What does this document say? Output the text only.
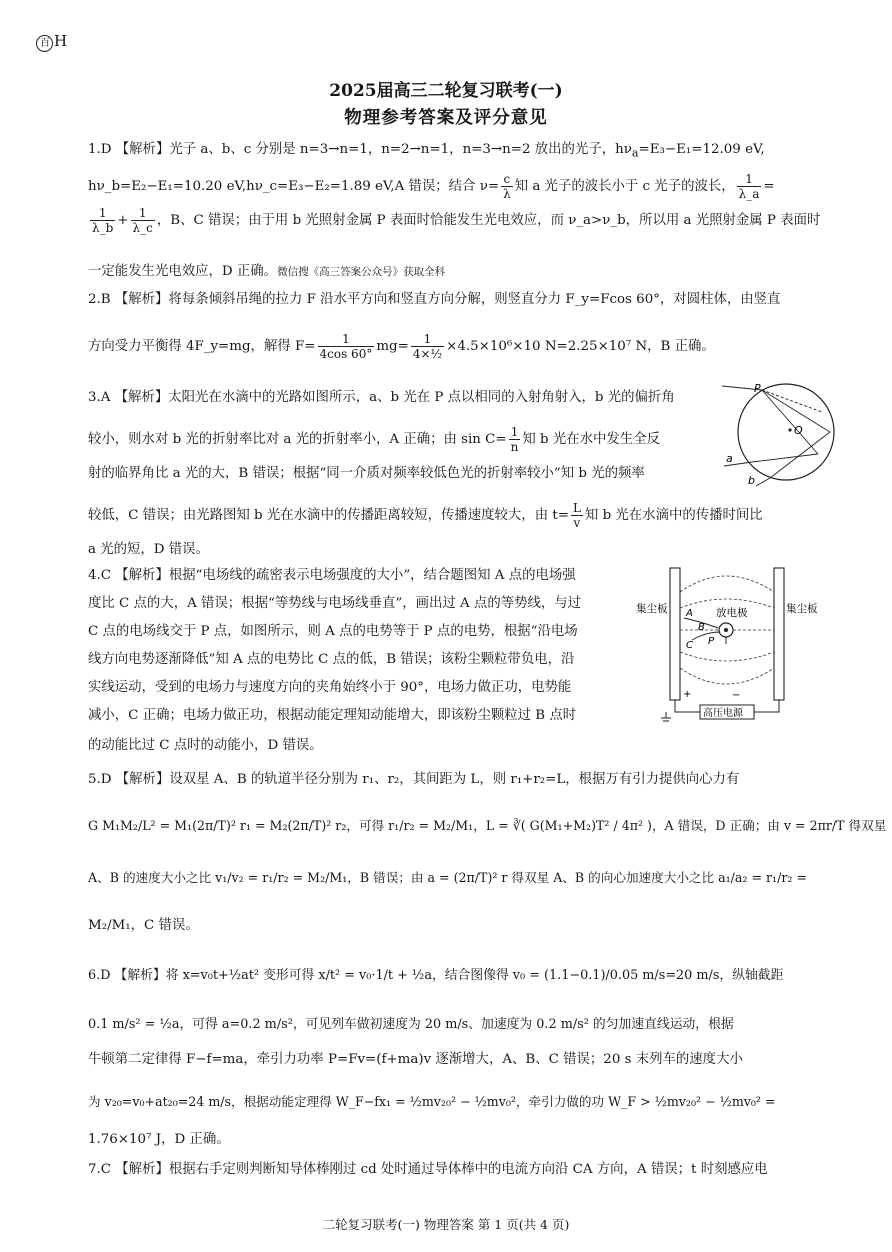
百 H
2025届高三二轮复习联考(一)
物理参考答案及评分意见
1.D 【解析】光子 a、b、c 分别是 n=3→n=1，n=2→n=1，n=3→n=2 放出的光子，$h\nu_a=E_3-E_1=12.09$ eV,
hν_b=E₂−E₁=10.20 eV,hν_c=E₃−E₂=1.89 eV,A 错误；结合 $\nu= \frac{c}{\lambda}$ 知 a 光子的波长小于 c 光子的波长， $\frac{1}{\lambda\_a}$ =
$\frac{1}{\lambda\_b} + \frac{1}{\lambda\_c}$ ，B、C 错误；由于用 b 光照射金属 P 表面时恰能发生光电效应，而 ν_a>ν_b，所以用 a 光照射金属 P 表面时
一定能发生光电效应，D 正确。微信搜《高三答案公众号》获取全科
2.B 【解析】将每条倾斜吊绳的拉力 F 沿水平方向和竖直方向分解，则竖直分力 F_y=Fcos 60°，对圆柱体，由竖直
方向受力平衡得 4F_y=mg，解得 $F= \frac{1}{4\cos 60^\circ} mg= \frac{1}{\text{4×½}} \times 4.5\times 10^6\times 10$ N=2.25×10⁷ N，B 正确。
3.A 【解析】太阳光在水滴中的光路如图所示，a、b 光在 P 点以相同的入射角射入，b 光的偏折角
较小，则水对 b 光的折射率比对 a 光的折射率小，A 正确；由 $\sin C= \frac{1}{n}$ 知 b 光在水中发生全反
射的临界角比 a 光的大，B 错误；根据“同一介质对频率较低色光的折射率较小”知 b 光的频率
较低，C 错误；由光路图知 b 光在水滴中的传播距离较短，传播速度较大，由 $t= \frac{L}{v}$ 知 b 光在水滴中的传播时间比
a 光的短，D 错误。
P
O
a
b
4.C 【解析】根据“电场线的疏密表示电场强度的大小”，结合题图知 A 点的电场强
度比 C 点的大，A 错误；根据“等势线与电场线垂直”，画出过 A 点的等势线，与过
C 点的电场线交于 P 点，如图所示，则 A 点的电势等于 P 点的电势，根据“沿电场
线方向电势逐渐降低”知 A 点的电势比 C 点的低，B 错误；该粉尘颗粒带负电，沿
实线运动，受到的电场力与速度方向的夹角始终小于 90°，电场力做正功，电势能
减小，C 正确；电场力做正功，根据动能定理知动能增大，即该粉尘颗粒过 B 点时
的动能比过 C 点时的动能小，D 错误。
A
B
C P
集尘板	集尘板
放电极
高压电源
+	−
5.D 【解析】设双星 A、B 的轨道半径分别为 r₁、r₂，其间距为 L，则 r₁+r₂=L，根据万有引力提供向心力有
G M₁M₂/L² = M₁(2π/T)² r₁ = M₂(2π/T)² r₂，可得 r₁/r₂ = M₂/M₁，L = ∛( G(M₁+M₂)T² / 4π² )，A 错误，D 正确；由 v = 2πr/T 得双星
A、B 的速度大小之比 v₁/v₂ = r₁/r₂ = M₂/M₁，B 错误；由 a = (2π/T)² r 得双星 A、B 的向心加速度大小之比 a₁/a₂ = r₁/r₂ =
M₂/M₁，C 错误。
6.D 【解析】将 x=v₀t+½at² 变形可得 x/t² = v₀·1/t + ½a，结合图像得 v₀ = (1.1−0.1)/0.05 m/s=20 m/s，纵轴截距
0.1 m/s² = ½a，可得 a=0.2 m/s²，可见列车做初速度为 20 m/s、加速度为 0.2 m/s² 的匀加速直线运动，根据
牛顿第二定律得 F−f=ma，牵引力功率 P=Fv=(f+ma)v 逐渐增大，A、B、C 错误；20 s 末列车的速度大小
为 v₂₀=v₀+at₂₀=24 m/s，根据动能定理得 W_F−fx₁ = ½mv₂₀² − ½mv₀²，牵引力做的功 W_F > ½mv₂₀² − ½mv₀² =
1.76×10⁷ J，D 正确。
7.C 【解析】根据右手定则判断知导体棒刚过 cd 处时通过导体棒中的电流方向沿 CA 方向，A 错误；t 时刻感应电
二轮复习联考(一) 物理答案 第 1 页(共 4 页)
